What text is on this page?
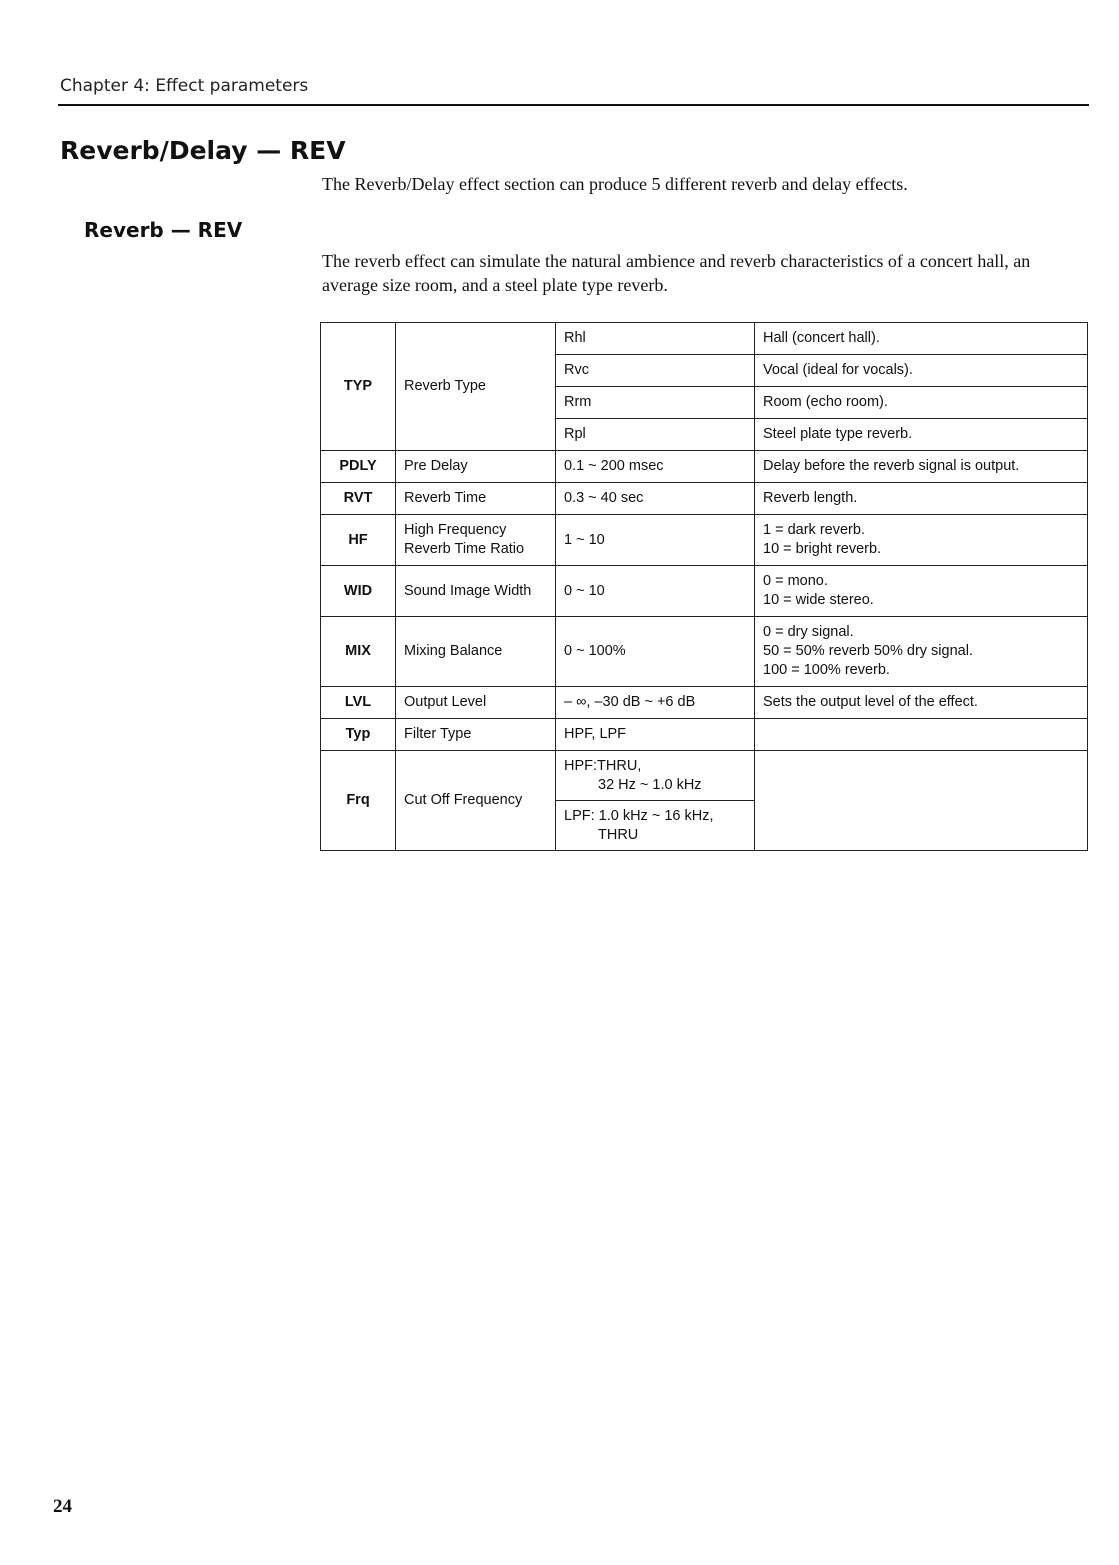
Chapter 4: Effect parameters
Reverb/Delay — REV

The Reverb/Delay effect section can produce 5 different reverb and delay effects.

Reverb — REV

The reverb effect can simulate the natural ambience and reverb characteristics of a concert hall, an average size room, and a steel plate type reverb.

TYP	Reverb Type	Rhl	Hall (concert hall).
		Rvc	Vocal (ideal for vocals).
		Rrm	Room (echo room).
		Rpl	Steel plate type reverb.
PDLY	Pre Delay	0.1 ~ 200 msec	Delay before the reverb signal is output.
RVT	Reverb Time	0.3 ~ 40 sec	Reverb length.
HF	High Frequency
Reverb Time Ratio	1 ~ 10	1 = dark reverb.
10 = bright reverb.

WID	Sound Image Width	0 ~ 10	0 = mono.
10 = wide stereo.

MIX	Mixing Balance	0 ~ 100%	0 = dry signal.
50 = 50% reverb 50% dry signal.
100 = 100% reverb.

LVL	Output Level	– ∞, –30 dB ~ +6 dB	Sets the output level of the effect.
Typ	Filter Type	HPF, LPF	
Frq	Cut Off Frequency	HPF:THRU,
32 Hz ~ 1.0 kHz	

		LPF: 1.0 kHz ~ 16 kHz,
THRU	
24
